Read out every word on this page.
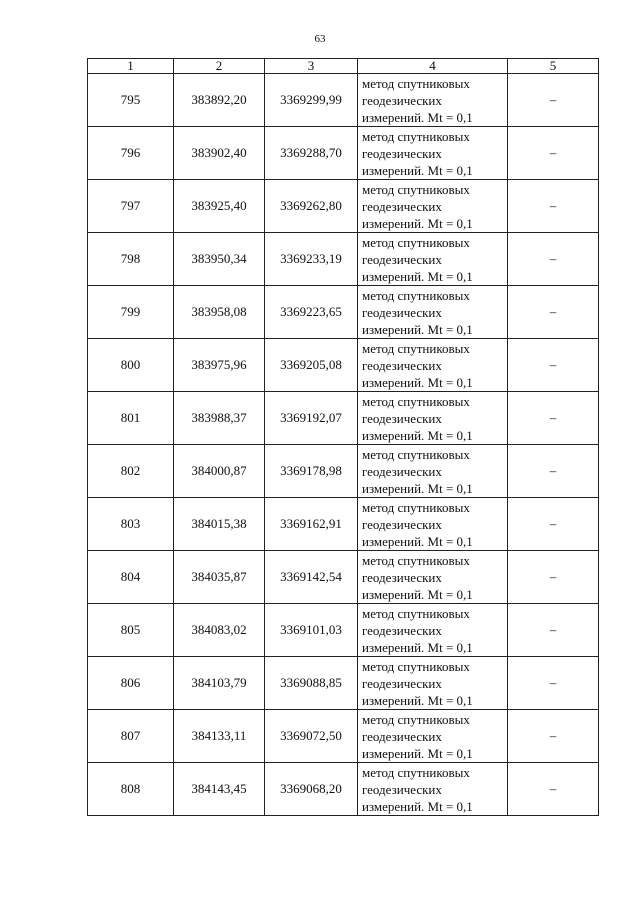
63
1	2	3	4	5
795	383892,20	3369299,99	метод спутниковых
геодезических
измерений. Mt = 0,1	–
796	383902,40	3369288,70	метод спутниковых
геодезических
измерений. Mt = 0,1	–
797	383925,40	3369262,80	метод спутниковых
геодезических
измерений. Mt = 0,1	–
798	383950,34	3369233,19	метод спутниковых
геодезических
измерений. Mt = 0,1	–
799	383958,08	3369223,65	метод спутниковых
геодезических
измерений. Mt = 0,1	–
800	383975,96	3369205,08	метод спутниковых
геодезических
измерений. Mt = 0,1	–
801	383988,37	3369192,07	метод спутниковых
геодезических
измерений. Mt = 0,1	–
802	384000,87	3369178,98	метод спутниковых
геодезических
измерений. Mt = 0,1	–
803	384015,38	3369162,91	метод спутниковых
геодезических
измерений. Mt = 0,1	–
804	384035,87	3369142,54	метод спутниковых
геодезических
измерений. Mt = 0,1	–
805	384083,02	3369101,03	метод спутниковых
геодезических
измерений. Mt = 0,1	–
806	384103,79	3369088,85	метод спутниковых
геодезических
измерений. Mt = 0,1	–
807	384133,11	3369072,50	метод спутниковых
геодезических
измерений. Mt = 0,1	–
808	384143,45	3369068,20	метод спутниковых
геодезических
измерений. Mt = 0,1	–
